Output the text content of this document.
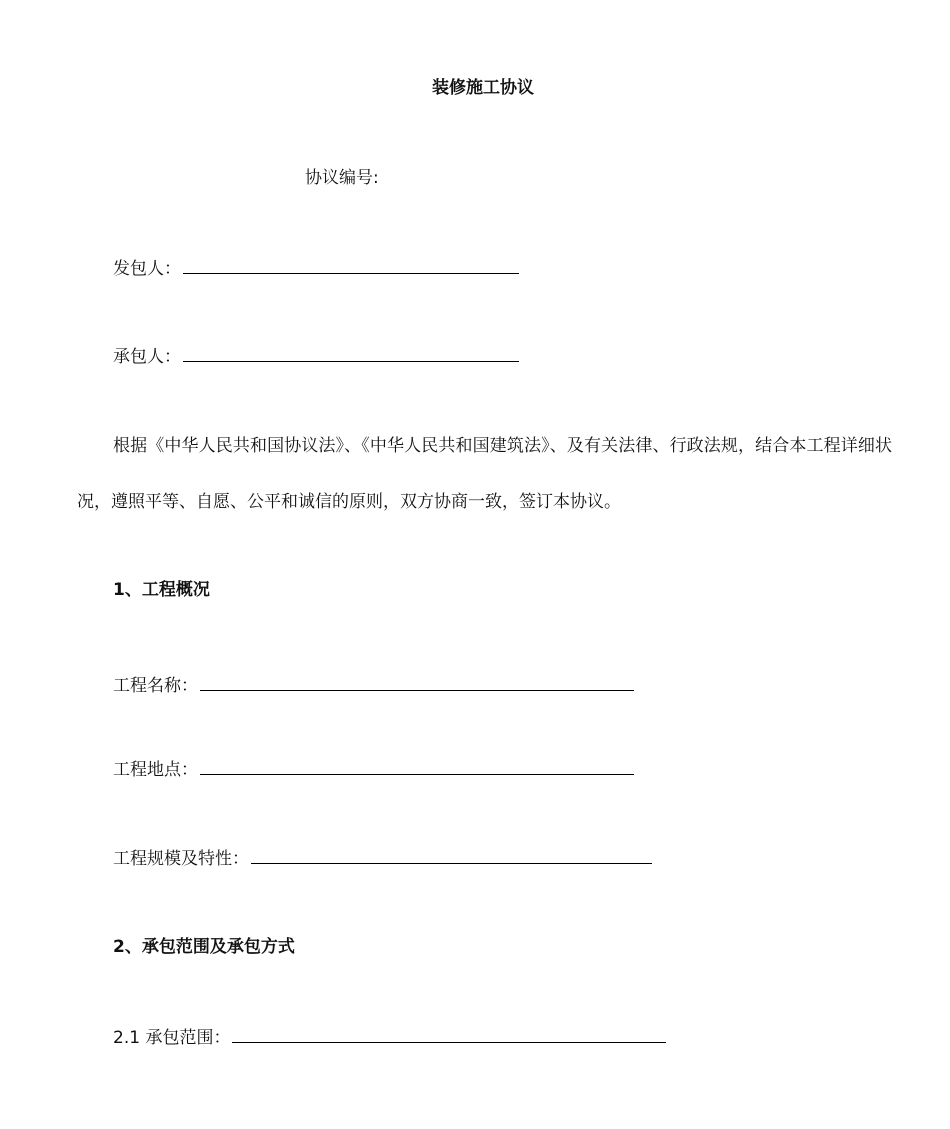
装修施工协议
协议编号:
发包人：
承包人：
根据《中华人民共和国协议法》、《中华人民共和国建筑法》、及有关法律、行政法规，结合本工程详细状况，遵照平等、自愿、公平和诚信的原则，双方协商一致，签订本协议。
1、工程概况
工程名称：
工程地点：
工程规模及特性：
2、承包范围及承包方式
2.1 承包范围：
